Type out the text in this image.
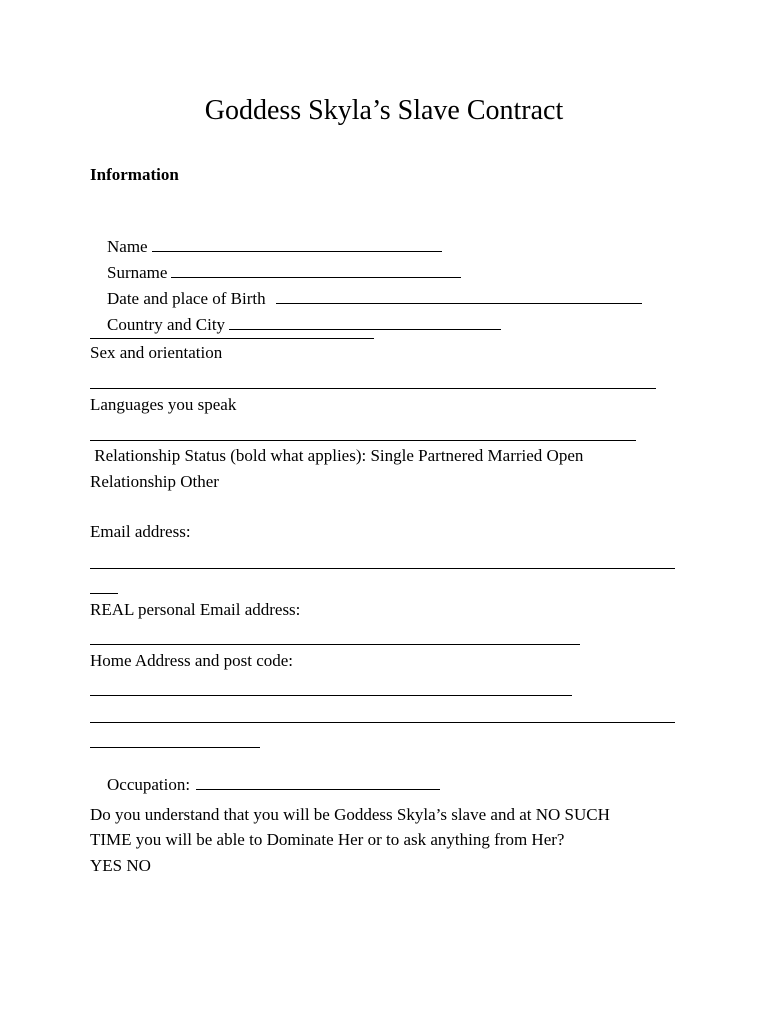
Goddess Skyla’s Slave Contract
Information

Name

Surname

Date and place of Birth

Country and City

Sex and orientation
Languages you speak
Relationship Status (bold what applies): Single Partnered Married Open
Relationship Other
Email address:
REAL personal Email address:
Home Address and post code:

Occupation:

Do you understand that you will be Goddess Skyla’s slave and at NO SUCH
TIME you will be able to Dominate Her or to ask anything from Her?
YES NO
